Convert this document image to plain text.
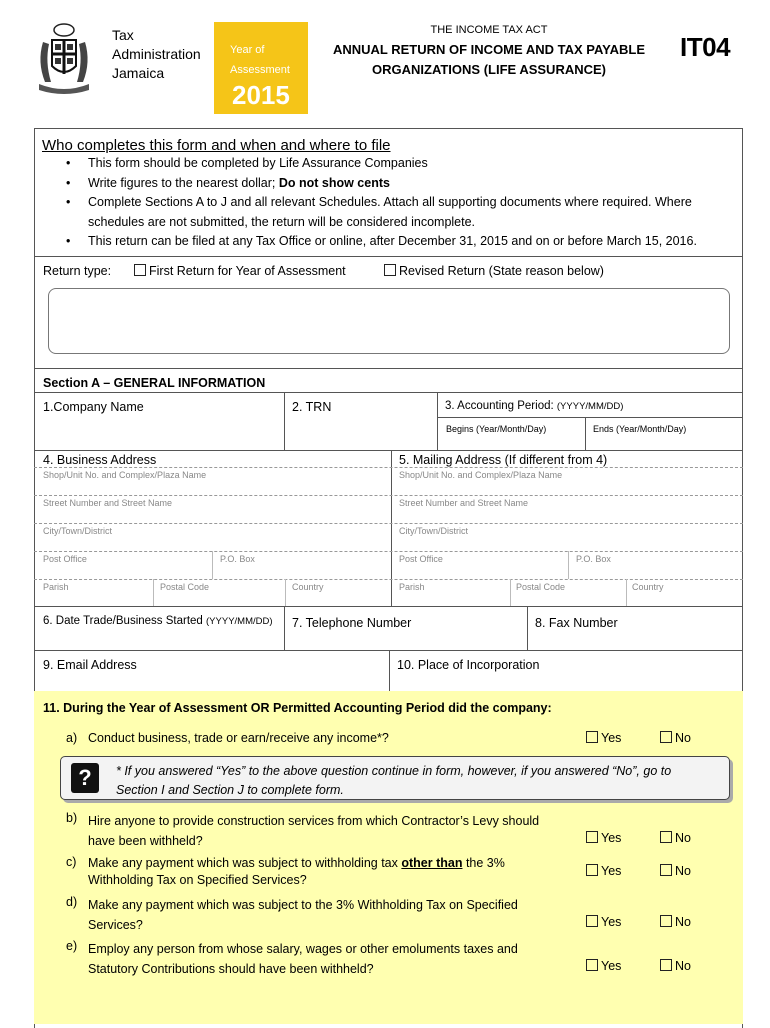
Tax
Administration
Jamaica
Year of
Assessment
2015
THE INCOME TAX ACT
ANNUAL RETURN OF INCOME AND TAX PAYABLE
ORGANIZATIONS (LIFE ASSURANCE)
IT04
Who completes this form and when and where to file
• This form should be completed by Life Assurance Companies
• Write figures to the nearest dollar; Do not show cents
• Complete Sections A to J and all relevant Schedules. Attach all supporting documents where required. Where schedules are not submitted, the return will be considered incomplete.
• This return can be filed at any Tax Office or online, after December 31, 2015 and on or before March 15, 2016.
Return type:	First Return for Year of Assessment	Revised Return (State reason below)
Section A – GENERAL INFORMATION
1.Company Name	2. TRN	3. Accounting Period: (YYYY/MM/DD)
Begins (Year/Month/Day)	Ends (Year/Month/Day)
4. Business Address	5. Mailing Address (If different from 4)
Shop/Unit No. and Complex/Plaza Name	Shop/Unit No. and Complex/Plaza Name
Street Number and Street Name	Street Number and Street Name
City/Town/District	City/Town/District
Post Office	P.O. Box	Post Office	P.O. Box
Parish	Postal Code	Country	Parish	Postal Code	Country
6. Date Trade/Business Started (YYYY/MM/DD) 7. Telephone Number	8. Fax Number
9. Email Address	10. Place of Incorporation
11. During the Year of Assessment OR Permitted Accounting Period did the company:
a) Conduct business, trade or earn/receive any income*?	Yes	No
?	* If you answered “Yes” to the above question continue in form, however, if you answered “No”, go to Section I and Section J to complete form.
b) Hire anyone to provide construction services from which Contractor’s Levy should
have been withheld?	Yes	No
c) Make any payment which was subject to withholding tax other than the 3%
Withholding Tax on Specified Services?
Yes	No
d) Make any payment which was subject to the 3% Withholding Tax on Specified
Services?	Yes	No
e) Employ any person from whose salary, wages or other emoluments taxes and
Statutory Contributions should have been withheld?	Yes	No
